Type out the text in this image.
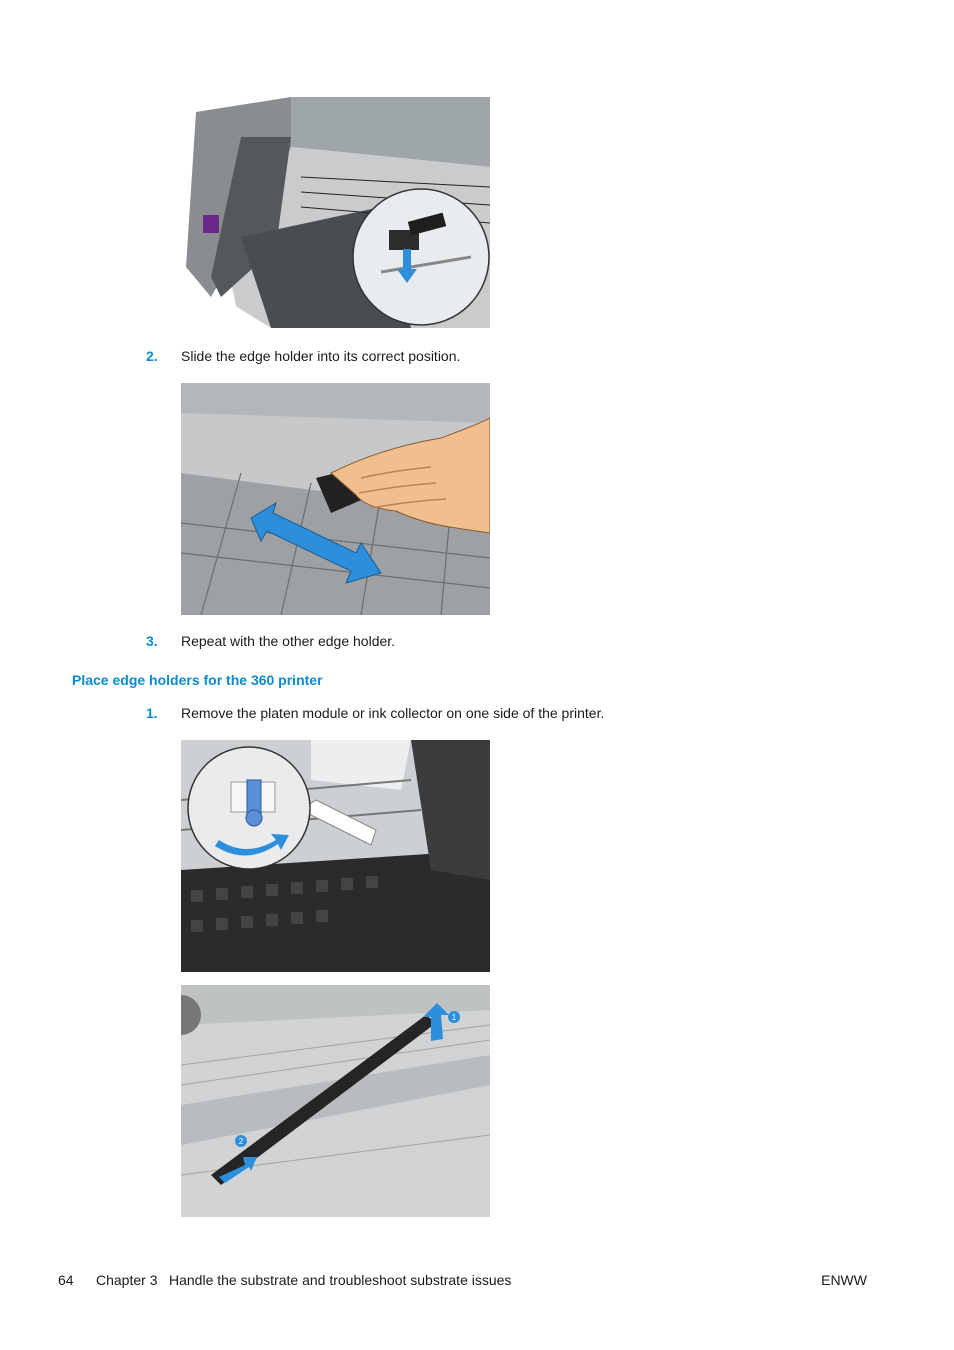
2. Slide the edge holder into its correct position.
3. Repeat with the other edge holder.
Place edge holders for the 360 printer
1. Remove the platen module or ink collector on one side of the printer.
1
2
64 Chapter 3 Handle the substrate and troubleshoot substrate issues	ENWW
